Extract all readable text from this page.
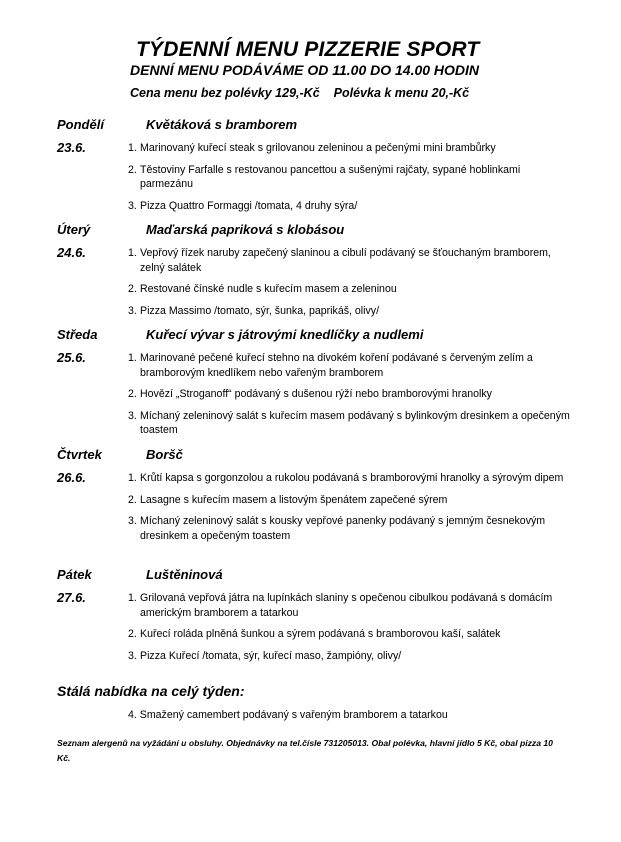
TÝDENNÍ MENU PIZZERIE SPORT
DENNÍ MENU PODÁVÁME OD 11.00 DO 14.00 HODIN
Cena menu bez polévky 129,-Kč Polévka k menu 20,-Kč
Pondělí	Květáková s bramborem
23.6.	1. Marinovaný kuřecí steak s grilovanou zeleninou a pečenými mini brambůrky
2. Těstoviny Farfalle s restovanou pancettou a sušenými rajčaty, sypané hoblinkami parmezánu
3. Pizza Quattro Formaggi /tomata, 4 druhy sýra/
Úterý	Maďarská papriková s klobásou
24.6.	1. Vepřový řízek naruby zapečený slaninou a cibulí podávaný se šťouchaným bramborem, zelný salátek
2. Restované čínské nudle s kuřecím masem a zeleninou
3. Pizza Massimo /tomato, sýr, šunka, paprikáš, olivy/
Středa	Kuřecí vývar s játrovými knedlíčky a nudlemi
25.6.	1. Marinované pečené kuřecí stehno na divokém koření podávané s červeným zelím a bramborovým knedlíkem nebo vařeným bramborem
2. Hovězí „Stroganoff“ podávaný s dušenou rýží nebo bramborovými hranolky
3. Míchaný zeleninový salát s kuřecím masem podávaný s bylinkovým dresinkem a opečeným toastem
Čtvrtek	Boršč
26.6.	1. Krůtí kapsa s gorgonzolou a rukolou podávaná s bramborovými hranolky a sýrovým dipem
2. Lasagne s kuřecím masem a listovým špenátem zapečené sýrem
3. Míchaný zeleninový salát s kousky vepřové panenky podávaný s jemným česnekovým dresinkem a opečeným toastem
Pátek	Luštěninová
27.6.	1. Grilovaná vepřová játra na lupínkách slaniny s opečenou cibulkou podávaná s domácím americkým bramborem a tatarkou
2. Kuřecí roláda plněná šunkou a sýrem podávaná s bramborovou kaší, salátek
3. Pizza Kuřecí /tomata, sýr, kuřecí maso, žampióny, olivy/
Stálá nabídka na celý týden:
4. Smažený camembert podávaný s vařeným bramborem a tatarkou
Seznam alergenů na vyžádání u obsluhy. Objednávky na tel.čísle 731205013. Obal polévka, hlavní jídlo 5 Kč, obal pizza 10 Kč.
